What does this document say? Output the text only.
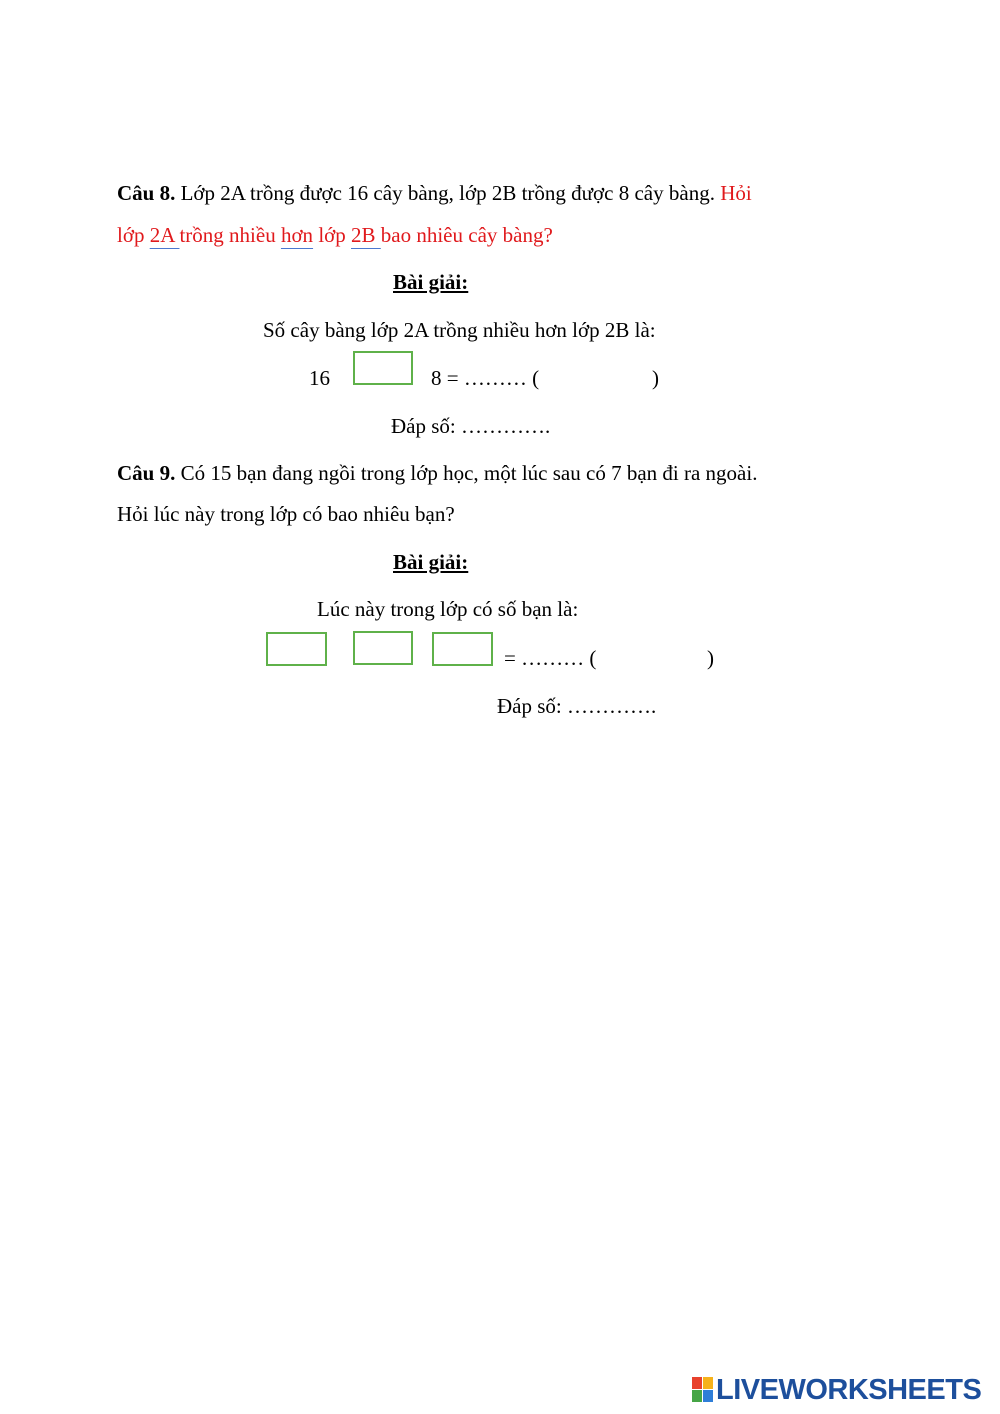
Câu 8. Lớp 2A trồng được 16 cây bàng, lớp 2B trồng được 8 cây bàng. Hỏi
lớp 2A trồng nhiều hơn lớp 2B bao nhiêu cây bàng?
Bài giải:
Số cây bàng lớp 2A trồng nhiều hơn lớp 2B là:
16	8 = ……… (	)
Đáp số: ………….
Câu 9. Có 15 bạn đang ngồi trong lớp học, một lúc sau có 7 bạn đi ra ngoài.
Hỏi lúc này trong lớp có bao nhiêu bạn?
Bài giải:
Lúc này trong lớp có số bạn là:
= ……… (	)
Đáp số: ………….
LIVEWORKSHEETS
